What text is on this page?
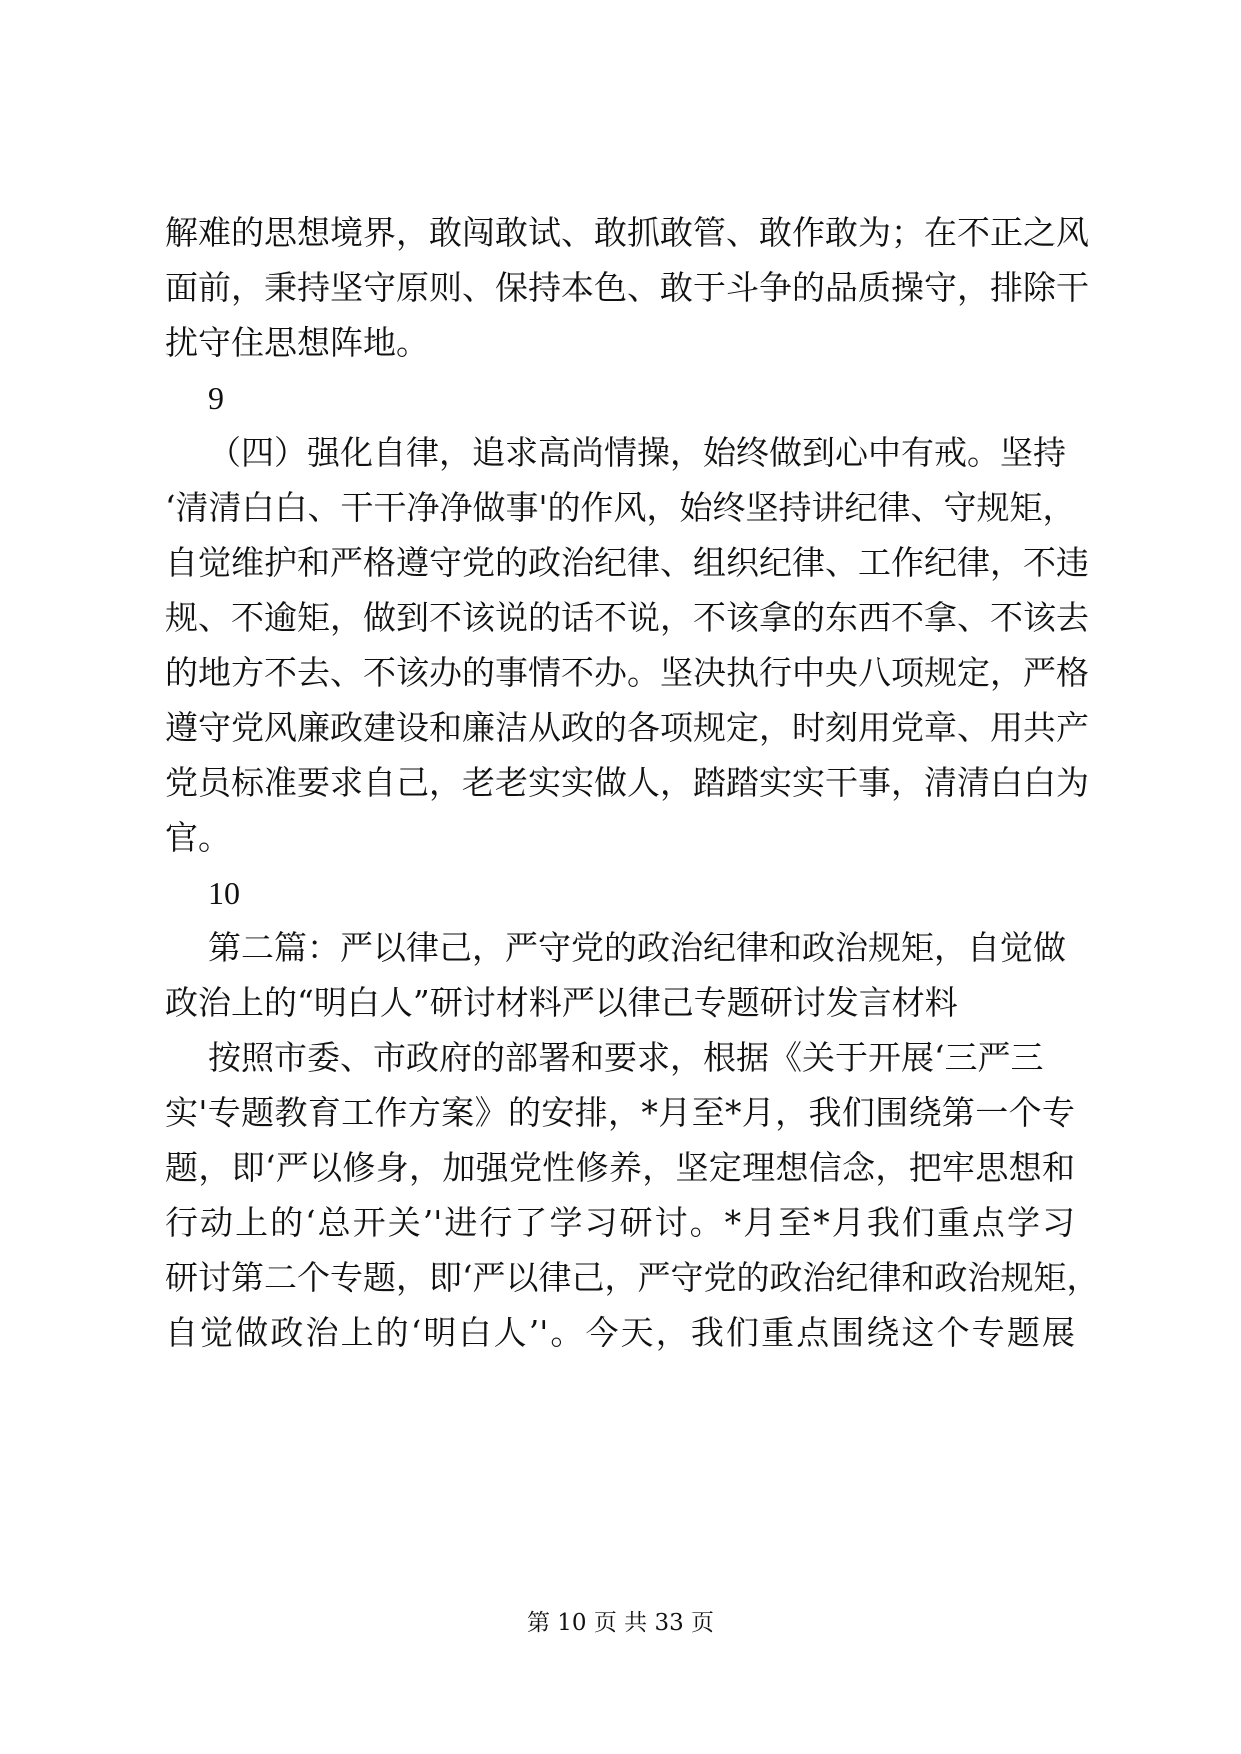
解难的思想境界，敢闯敢试、敢抓敢管、敢作敢为；在不正之风
面前，秉持坚守原则、保持本色、敢于斗争的品质操守，排除干
扰守住思想阵地。
9
（四）强化自律，追求高尚情操，始终做到心中有戒。坚持
‘清清白白、干干净净做事'的作风，始终坚持讲纪律、守规矩，
自觉维护和严格遵守党的政治纪律、组织纪律、工作纪律，不违
规、不逾矩，做到不该说的话不说，不该拿的东西不拿、不该去
的地方不去、不该办的事情不办。坚决执行中央八项规定，严格
遵守党风廉政建设和廉洁从政的各项规定，时刻用党章、用共产
党员标准要求自己，老老实实做人，踏踏实实干事，清清白白为
官。
10
第二篇：严以律己，严守党的政治纪律和政治规矩，自觉做
政治上的“明白人”研讨材料严以律己专题研讨发言材料
按照市委、市政府的部署和要求，根据《关于开展‘三严三
实'专题教育工作方案》的安排，*月至*月，我们围绕第一个专
题，即‘严以修身，加强党性修养，坚定理想信念，把牢思想和
行动上的‘总开关’'进行了学习研讨。*月至*月我们重点学习
研讨第二个专题，即‘严以律己，严守党的政治纪律和政治规矩，
自觉做政治上的‘明白人’'。今天，我们重点围绕这个专题展
第 10 页 共 33 页
